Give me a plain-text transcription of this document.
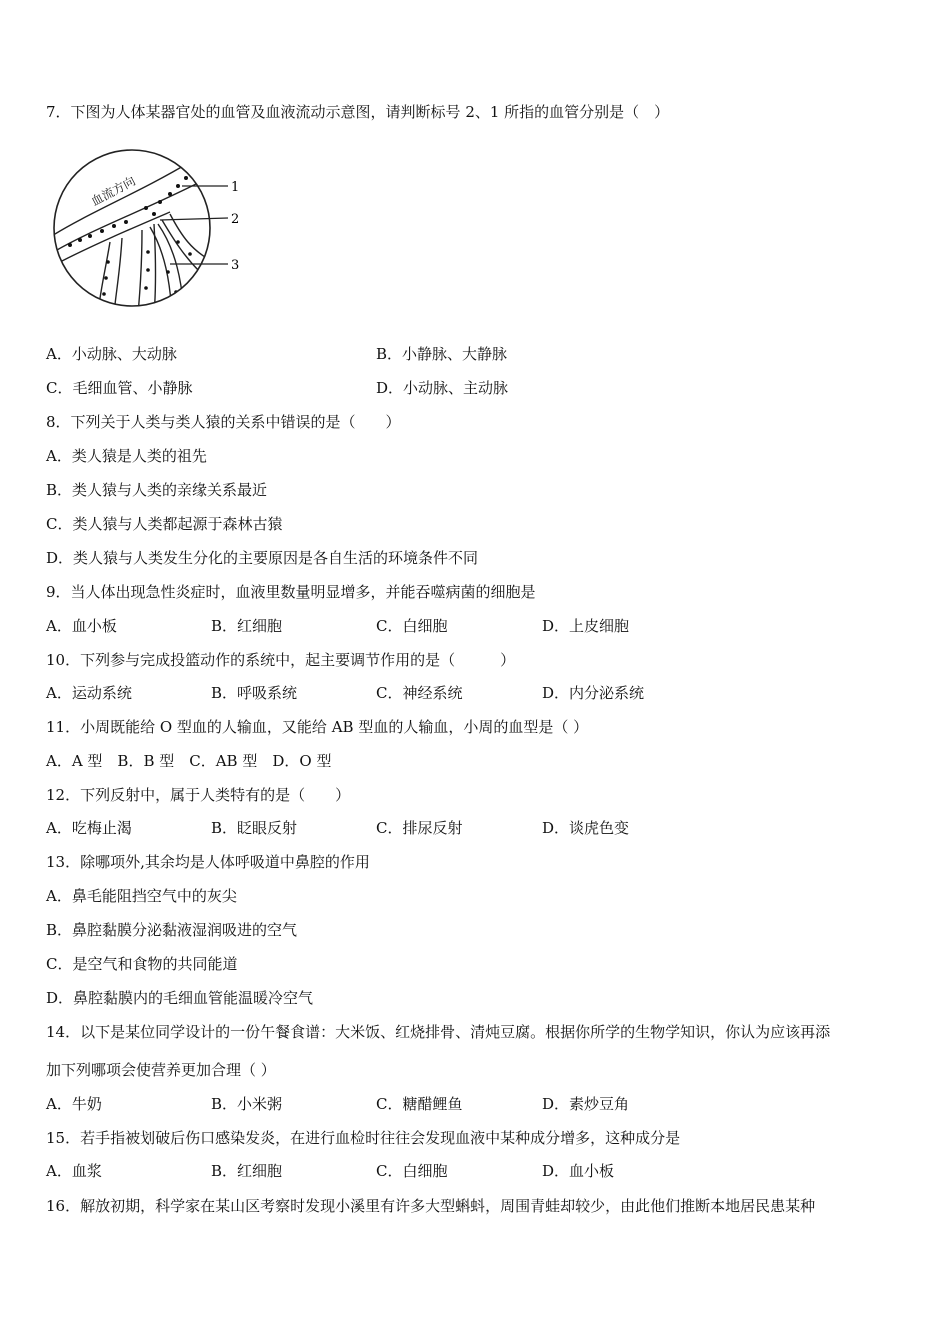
7．下图为人体某器官处的血管及血液流动示意图，请判断标号 2、1 所指的血管分别是（　）
血流方向	1
2
3
A．小动脉、大动脉	B．小静脉、大静脉
C．毛细血管、小静脉	D．小动脉、主动脉
8．下列关于人类与类人猿的关系中错误的是（　　）
A．类人猿是人类的祖先
B．类人猿与人类的亲缘关系最近
C．类人猿与人类都起源于森林古猿
D．类人猿与人类发生分化的主要原因是各自生活的环境条件不同
9．当人体出现急性炎症时，血液里数量明显增多，并能吞噬病菌的细胞是
A．血小板	B．红细胞	C．白细胞	D．上皮细胞
10．下列参与完成投篮动作的系统中，起主要调节作用的是（　　　）
A．运动系统	B．呼吸系统	C．神经系统	D．内分泌系统
11．小周既能给 O 型血的人输血，又能给 AB 型血的人输血，小周的血型是（ ）
A．A 型　B．B 型　C．AB 型　D．O 型
12．下列反射中，属于人类特有的是（　　）
A．吃梅止渴	B．眨眼反射	C．排尿反射	D．谈虎色变
13．除哪项外,其余均是人体呼吸道中鼻腔的作用
A．鼻毛能阻挡空气中的灰尖
B．鼻腔黏膜分泌黏液湿润吸进的空气
C．是空气和食物的共同能道
D．鼻腔黏膜内的毛细血管能温暖冷空气
14．以下是某位同学设计的一份午餐食谱：大米饭、红烧排骨、清炖豆腐。根据你所学的生物学知识，你认为应该再添
加下列哪项会使营养更加合理（ ）
A．牛奶	B．小米粥	C．糖醋鲤鱼	D．素炒豆角
15．若手指被划破后伤口感染发炎，在进行血检时往往会发现血液中某种成分增多，这种成分是
A．血浆	B．红细胞	C．白细胞	D．血小板
16．解放初期，科学家在某山区考察时发现小溪里有许多大型蝌蚪，周围青蛙却较少，由此他们推断本地居民患某种
